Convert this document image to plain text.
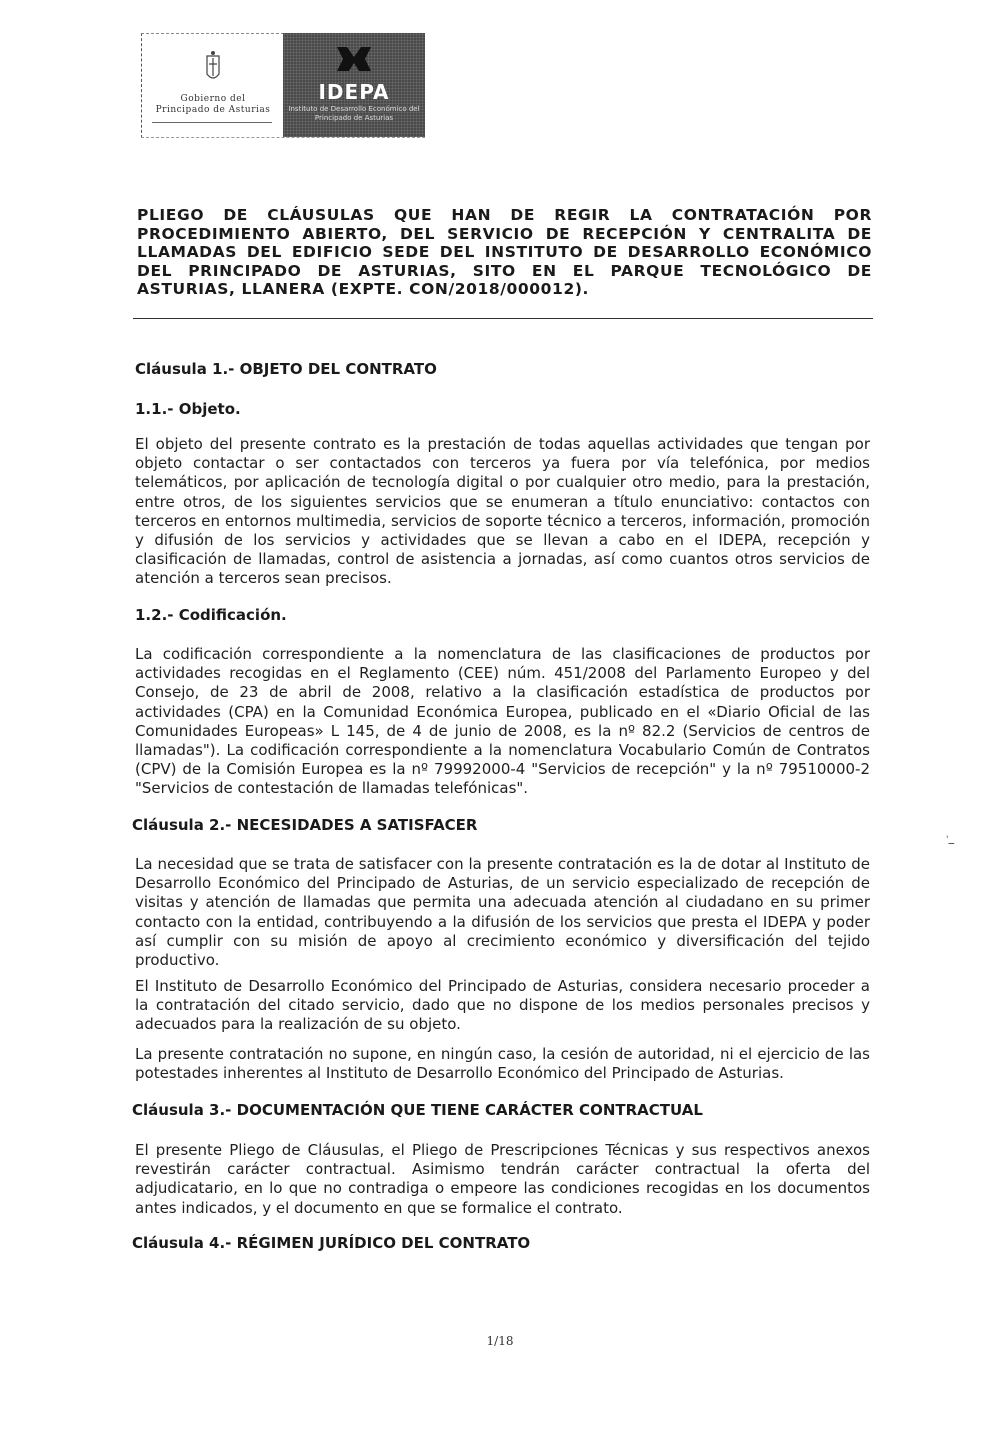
Gobierno del
Principado de Asturias
IDEPA
Instituto de Desarrollo Económico del Principado de Asturias
PLIEGO DE CLÁUSULAS QUE HAN DE REGIR LA CONTRATACIÓN POR PROCEDIMIENTO ABIERTO, DEL SERVICIO DE RECEPCIÓN Y CENTRALITA DE LLAMADAS DEL EDIFICIO SEDE DEL INSTITUTO DE DESARROLLO ECONÓMICO DEL PRINCIPADO DE ASTURIAS, SITO EN EL PARQUE TECNOLÓGICO DE ASTURIAS, LLANERA (EXPTE. CON/2018/000012).
Cláusula 1.- OBJETO DEL CONTRATO
1.1.- Objeto.
El objeto del presente contrato es la prestación de todas aquellas actividades que tengan por objeto contactar o ser contactados con terceros ya fuera por vía telefónica, por medios telemáticos, por aplicación de tecnología digital o por cualquier otro medio, para la prestación, entre otros, de los siguientes servicios que se enumeran a título enunciativo: contactos con terceros en entornos multimedia, servicios de soporte técnico a terceros, información, promoción y difusión de los servicios y actividades que se llevan a cabo en el IDEPA, recepción y clasificación de llamadas, control de asistencia a jornadas, así como cuantos otros servicios de atención a terceros sean precisos.
1.2.- Codificación.
La codificación correspondiente a la nomenclatura de las clasificaciones de productos por actividades recogidas en el Reglamento (CEE) núm. 451/2008 del Parlamento Europeo y del Consejo, de 23 de abril de 2008, relativo a la clasificación estadística de productos por actividades (CPA) en la Comunidad Económica Europea, publicado en el «Diario Oficial de las Comunidades Europeas» L 145, de 4 de junio de 2008, es la nº 82.2 (Servicios de centros de llamadas"). La codificación correspondiente a la nomenclatura Vocabulario Común de Contratos (CPV) de la Comisión Europea es la nº 79992000-4 "Servicios de recepción" y la nº 79510000-2 "Servicios de contestación de llamadas telefónicas".
Cláusula 2.- NECESIDADES A SATISFACER
La necesidad que se trata de satisfacer con la presente contratación es la de dotar al Instituto de Desarrollo Económico del Principado de Asturias, de un servicio especializado de recepción de visitas y atención de llamadas que permita una adecuada atención al ciudadano en su primer contacto con la entidad, contribuyendo a la difusión de los servicios que presta el IDEPA y poder así cumplir con su misión de apoyo al crecimiento económico y diversificación del tejido productivo.
El Instituto de Desarrollo Económico del Principado de Asturias, considera necesario proceder a la contratación del citado servicio, dado que no dispone de los medios personales precisos y adecuados para la realización de su objeto.
La presente contratación no supone, en ningún caso, la cesión de autoridad, ni el ejercicio de las potestades inherentes al Instituto de Desarrollo Económico del Principado de Asturias.
Cláusula 3.- DOCUMENTACIÓN QUE TIENE CARÁCTER CONTRACTUAL
El presente Pliego de Cláusulas, el Pliego de Prescripciones Técnicas y sus respectivos anexos revestirán carácter contractual. Asimismo tendrán carácter contractual la oferta del adjudicatario, en lo que no contradiga o empeore las condiciones recogidas en los documentos antes indicados, y el documento en que se formalice el contrato.
Cláusula 4.- RÉGIMEN JURÍDICO DEL CONTRATO
'
1/18
